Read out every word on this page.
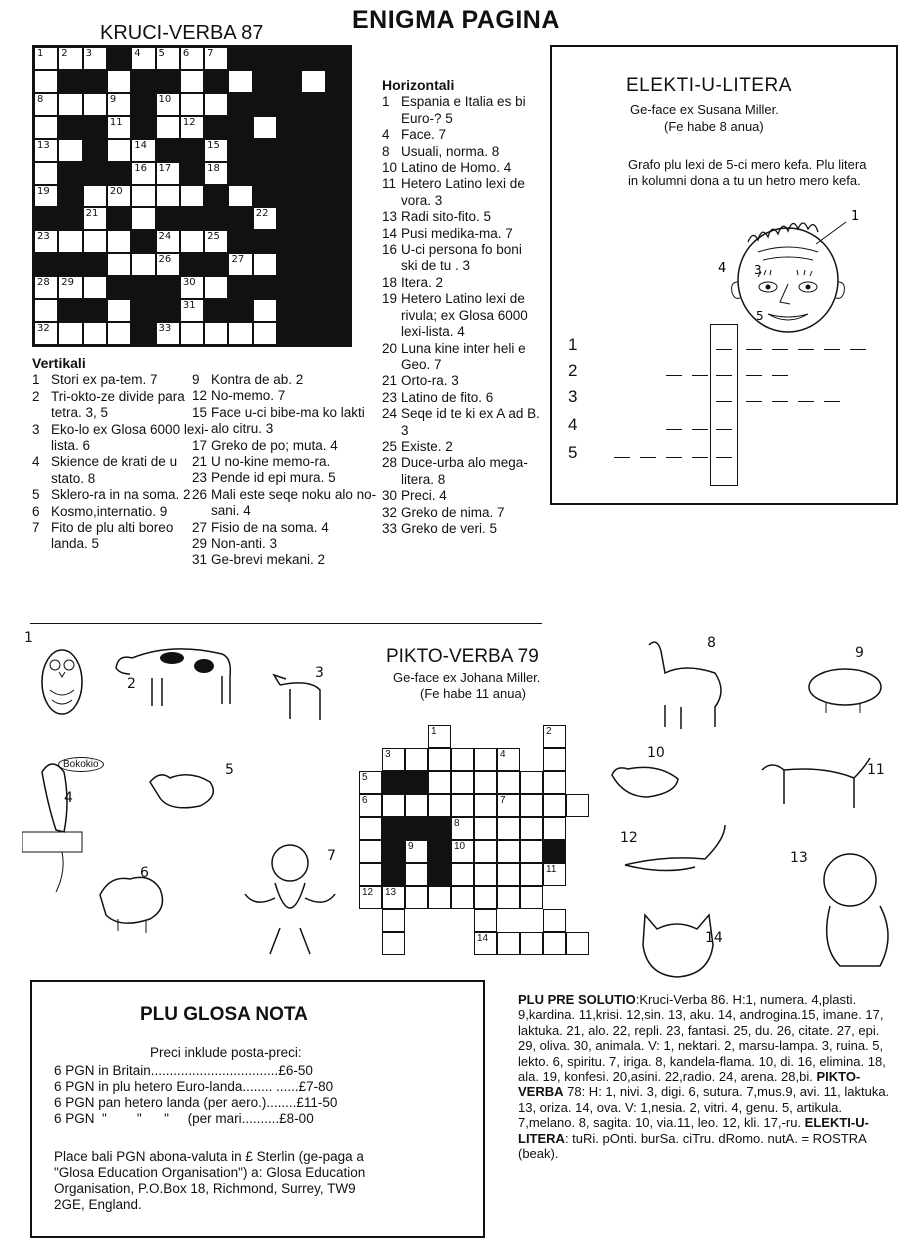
ENIGMA PAGINA
KRUCI-VERBA 87
1 2 3	4 5 6 7
8	9	10
11	12
13	14	15
16 17	18
19	20
21	22
23	24	25
26	27
28 29	30
31
32	33
Horizontali
1 Espania e Italia es bi Euro-? 5
4 Face. 7
8 Usuali, norma. 8
10 Latino de Homo. 4
11 Hetero Latino lexi de vora. 3
13 Radi sito-fito. 5
14 Pusi medika-ma. 7
16 U-ci persona fo boni ski de tu . 3
18 Itera. 2
19 Hetero Latino lexi de rivula; ex Glosa 6000 lexi-lista. 4
20 Luna kine inter heli e Geo. 7
21 Orto-ra. 3
23 Latino de fito. 6
24 Seqe id te ki ex A ad B. 3
25 Existe. 2
28 Duce-urba alo mega-litera. 8
30 Preci. 4
32 Greko de nima. 7
33 Greko de veri. 5
Vertikali
1 Stori ex pa-tem. 7
2 Tri-okto-ze divide para tetra. 3, 5
3 Eko-lo ex Glosa 6000 lexi-lista. 6
4 Skience de krati de u stato. 8
5 Sklero-ra in na soma. 2
6 Kosmo,internatio. 9
7 Fito de plu alti boreo landa. 5
9 Kontra de ab. 2
12 No-memo. 7
15 Face u-ci bibe-ma ko lakti alo citru. 3
17 Greko de po; muta. 4
21 U no-kine memo-ra.
23 Pende id epi mura. 5
26 Mali este seqe noku alo no-sani. 4
27 Fisio de na soma. 4
29 Non-anti. 3
31 Ge-brevi mekani. 2
ELEKTI-U-LITERA
Ge-face ex Susana Miller.
(Fe habe 8 anua)
Grafo plu lexi de 5-ci mero kefa. Plu litera in kolumni dona a tu un hetro mero kefa.
1
4 3
5
1
2
3
4
5
PIKTO-VERBA 79
Ge-face ex Johana Miller.
(Fe habe 11 anua)
1	2
3	4
5
6	7
8
9	10
11
12 13
14
1
2
3
4
5
6
7
8
9
10
11
12
13
14
Bokokio
PLU GLOSA NOTA
Preci inklude posta-preci:
6 PGN in Britain.................................. £6-50
6 PGN in plu hetero Euro-landa........ ...... £7-80
6 PGN pan hetero landa (per aero.)........ £11-50
6 PGN  "        "      "     (per mari.......... £8-00
Place bali PGN abona-valuta in £ Sterlin (ge-paga a "Glosa Education Organisation") a: Glosa Education Organisation, P.O.Box 18, Richmond, Surrey, TW9 2GE, England.
PLU PRE SOLUTIO:Kruci-Verba 86. H:1, numera. 4,plasti. 9,kardina. 11,krisi. 12,sin. 13, aku. 14, androgina.15, imane. 17, laktuka. 21, alo. 22, repli. 23, fantasi. 25, du. 26, citate. 27, epi. 29, oliva. 30, animala. V: 1, nektari. 2, marsu-lampa. 3, ruina. 5, lekto. 6, spiritu. 7, iriga. 8, kandela-flama. 10, di. 16, elimina. 18, ala. 19, konfesi. 20,asini. 22,radio. 24, arena. 28,bi. PIKTO-VERBA 78: H: 1, nivi. 3, digi. 6, sutura. 7,mus.9, avi. 11, laktuka. 13, oriza. 14, ova. V: 1,nesia. 2, vitri. 4, genu. 5, artikula. 7,melano. 8, sagita. 10, via.11, leo. 12, kli. 17,-ru. ELEKTI-U-LITERA: tuRi. pOnti. burSa. ciTru. dRomo. nutA. = ROSTRA (beak).
